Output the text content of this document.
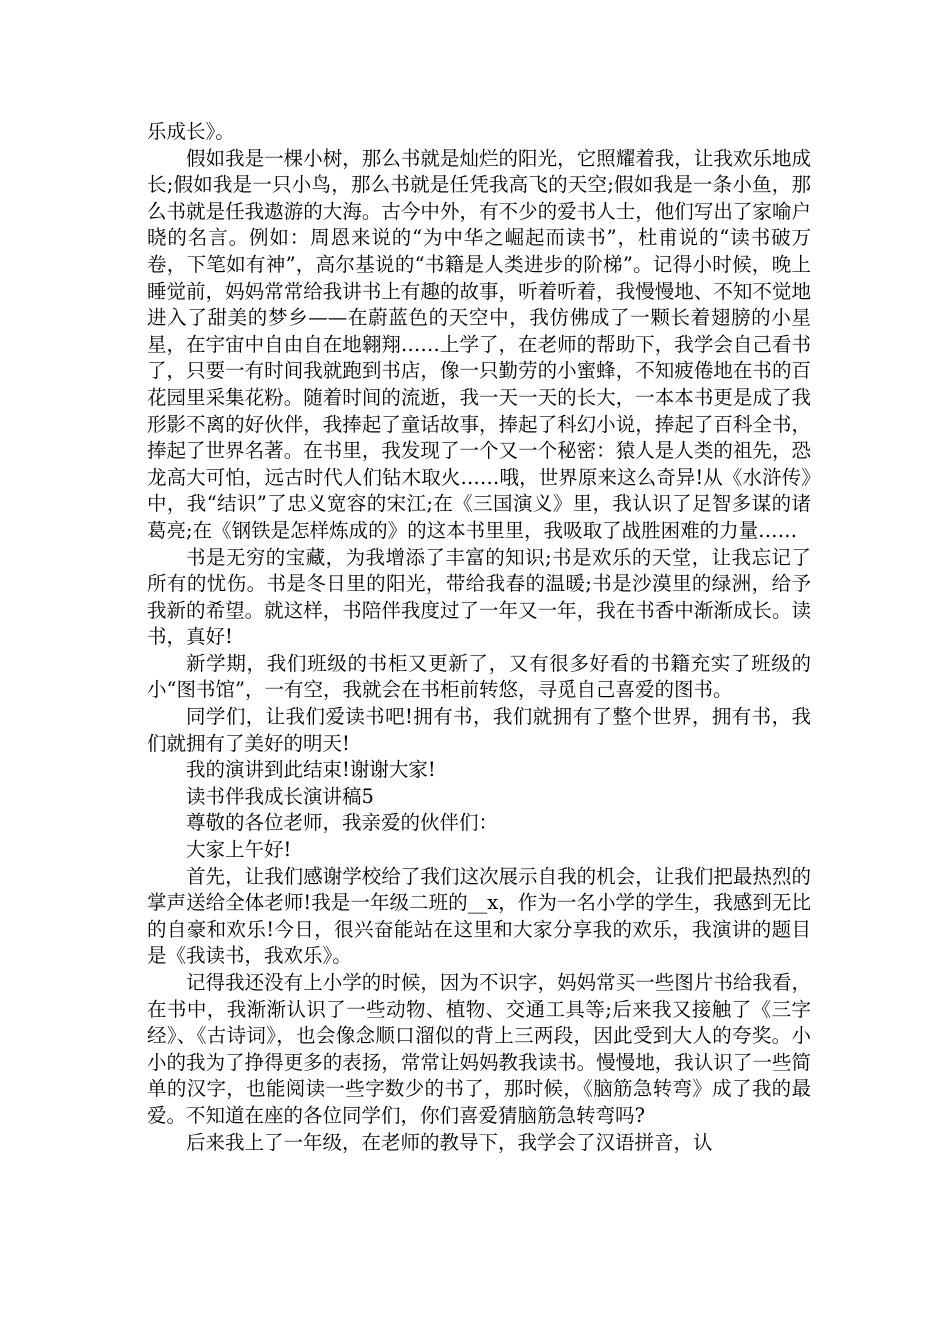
乐成长》。

假如我是一棵小树，那么书就是灿烂的阳光，它照耀着我，让我欢乐地成长;假如我是一只小鸟，那么书就是任凭我高飞的天空;假如我是一条小鱼，那么书就是任我遨游的大海。古今中外，有不少的爱书人士，他们写出了家喻户晓的名言。例如：周恩来说的“为中华之崛起而读书”，杜甫说的“读书破万卷，下笔如有神”，高尔基说的“书籍是人类进步的阶梯”。记得小时候，晚上睡觉前，妈妈常常给我讲书上有趣的故事，听着听着，我慢慢地、不知不觉地进入了甜美的梦乡——在蔚蓝色的天空中，我仿佛成了一颗长着翅膀的小星星，在宇宙中自由自在地翱翔……上学了，在老师的帮助下，我学会自己看书了，只要一有时间我就跑到书店，像一只勤劳的小蜜蜂，不知疲倦地在书的百花园里采集花粉。随着时间的流逝，我一天一天的长大，一本本书更是成了我形影不离的好伙伴，我捧起了童话故事，捧起了科幻小说，捧起了百科全书，捧起了世界名著。在书里，我发现了一个又一个秘密：猿人是人类的祖先，恐龙高大可怕，远古时代人们钻木取火……哦，世界原来这么奇异!从《水浒传》中，我“结识”了忠义宽容的宋江;在《三国演义》里，我认识了足智多谋的诸葛亮;在《钢铁是怎样炼成的》的这本书里里，我吸取了战胜困难的力量……

书是无穷的宝藏，为我增添了丰富的知识;书是欢乐的天堂，让我忘记了所有的忧伤。书是冬日里的阳光，带给我春的温暖;书是沙漠里的绿洲，给予我新的希望。就这样，书陪伴我度过了一年又一年，我在书香中渐渐成长。读书，真好!

新学期，我们班级的书柜又更新了，又有很多好看的书籍充实了班级的小“图书馆”，一有空，我就会在书柜前转悠，寻觅自己喜爱的图书。

同学们，让我们爱读书吧!拥有书，我们就拥有了整个世界，拥有书，我们就拥有了美好的明天!

我的演讲到此结束!谢谢大家!

读书伴我成长演讲稿5

尊敬的各位老师，我亲爱的伙伴们：

大家上午好!

首先，让我们感谢学校给了我们这次展示自我的机会，让我们把最热烈的掌声送给全体老师!我是一年级二班的__x，作为一名小学的学生，我感到无比的自豪和欢乐!今日，很兴奋能站在这里和大家分享我的欢乐，我演讲的题目是《我读书，我欢乐》。

记得我还没有上小学的时候，因为不识字，妈妈常买一些图片书给我看，在书中，我渐渐认识了一些动物、植物、交通工具等;后来我又接触了《三字经》、《古诗词》，也会像念顺口溜似的背上三两段，因此受到大人的夸奖。小小的我为了挣得更多的表扬，常常让妈妈教我读书。慢慢地，我认识了一些简单的汉字，也能阅读一些字数少的书了，那时候，《脑筋急转弯》成了我的最爱。不知道在座的各位同学们，你们喜爱猜脑筋急转弯吗?

后来我上了一年级，在老师的教导下，我学会了汉语拼音，认
